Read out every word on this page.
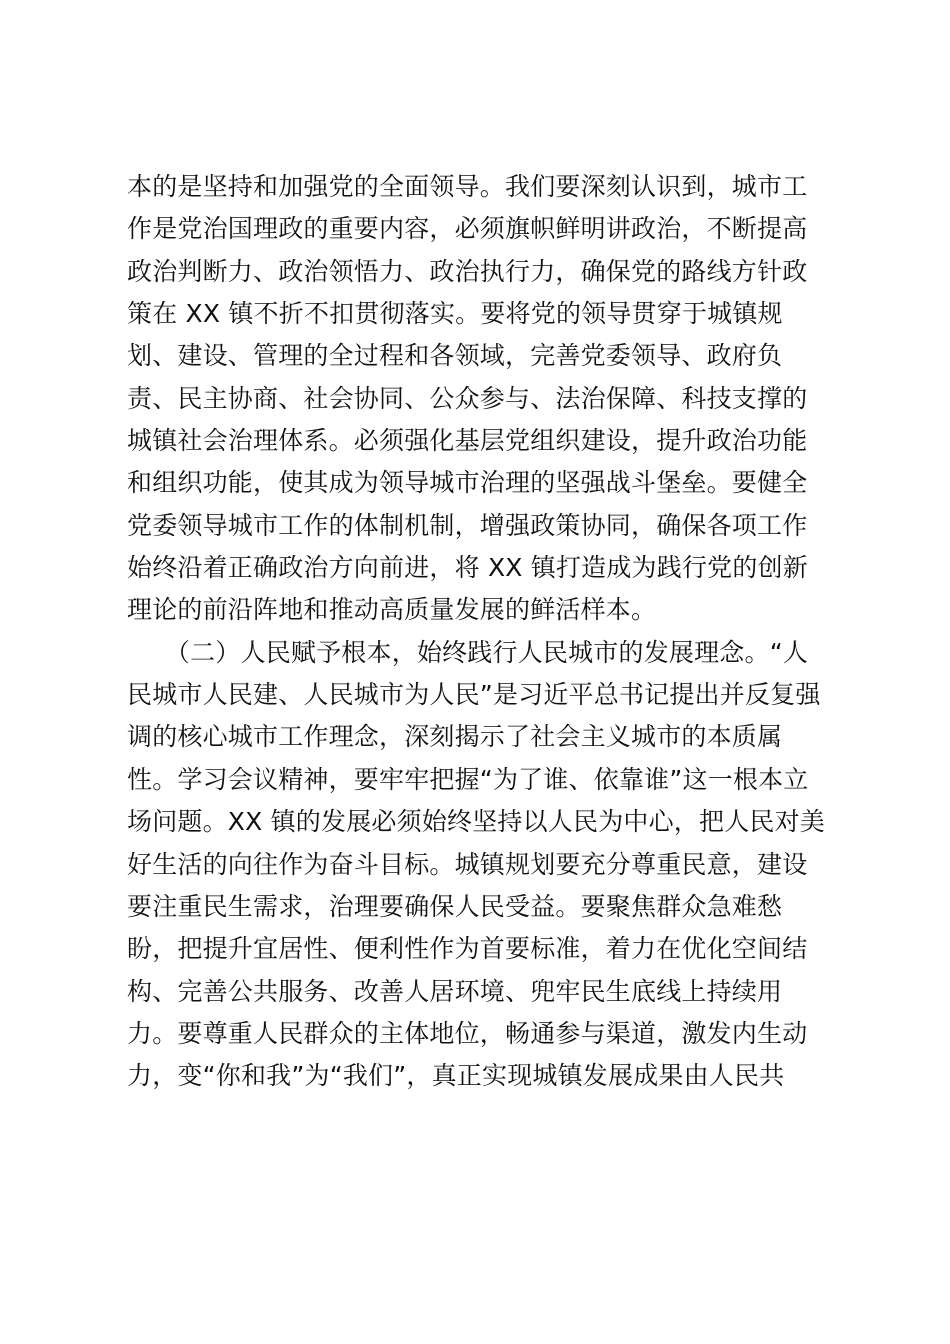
本的是坚持和加强党的全面领导。我们要深刻认识到，城市工
作是党治国理政的重要内容，必须旗帜鲜明讲政治，不断提高
政治判断力、政治领悟力、政治执行力，确保党的路线方针政
策在 XX 镇不折不扣贯彻落实。要将党的领导贯穿于城镇规
划、建设、管理的全过程和各领域，完善党委领导、政府负
责、民主协商、社会协同、公众参与、法治保障、科技支撑的
城镇社会治理体系。必须强化基层党组织建设，提升政治功能
和组织功能，使其成为领导城市治理的坚强战斗堡垒。要健全
党委领导城市工作的体制机制，增强政策协同，确保各项工作
始终沿着正确政治方向前进，将 XX 镇打造成为践行党的创新
理论的前沿阵地和推动高质量发展的鲜活样本。
　　（二）人民赋予根本，始终践行人民城市的发展理念。“人
民城市人民建、人民城市为人民”是习近平总书记提出并反复强
调的核心城市工作理念，深刻揭示了社会主义城市的本质属
性。学习会议精神，要牢牢把握“为了谁、依靠谁”这一根本立
场问题。XX 镇的发展必须始终坚持以人民为中心，把人民对美
好生活的向往作为奋斗目标。城镇规划要充分尊重民意，建设
要注重民生需求，治理要确保人民受益。要聚焦群众急难愁
盼，把提升宜居性、便利性作为首要标准，着力在优化空间结
构、完善公共服务、改善人居环境、兜牢民生底线上持续用
力。要尊重人民群众的主体地位，畅通参与渠道，激发内生动
力，变“你和我”为“我们”，真正实现城镇发展成果由人民共
